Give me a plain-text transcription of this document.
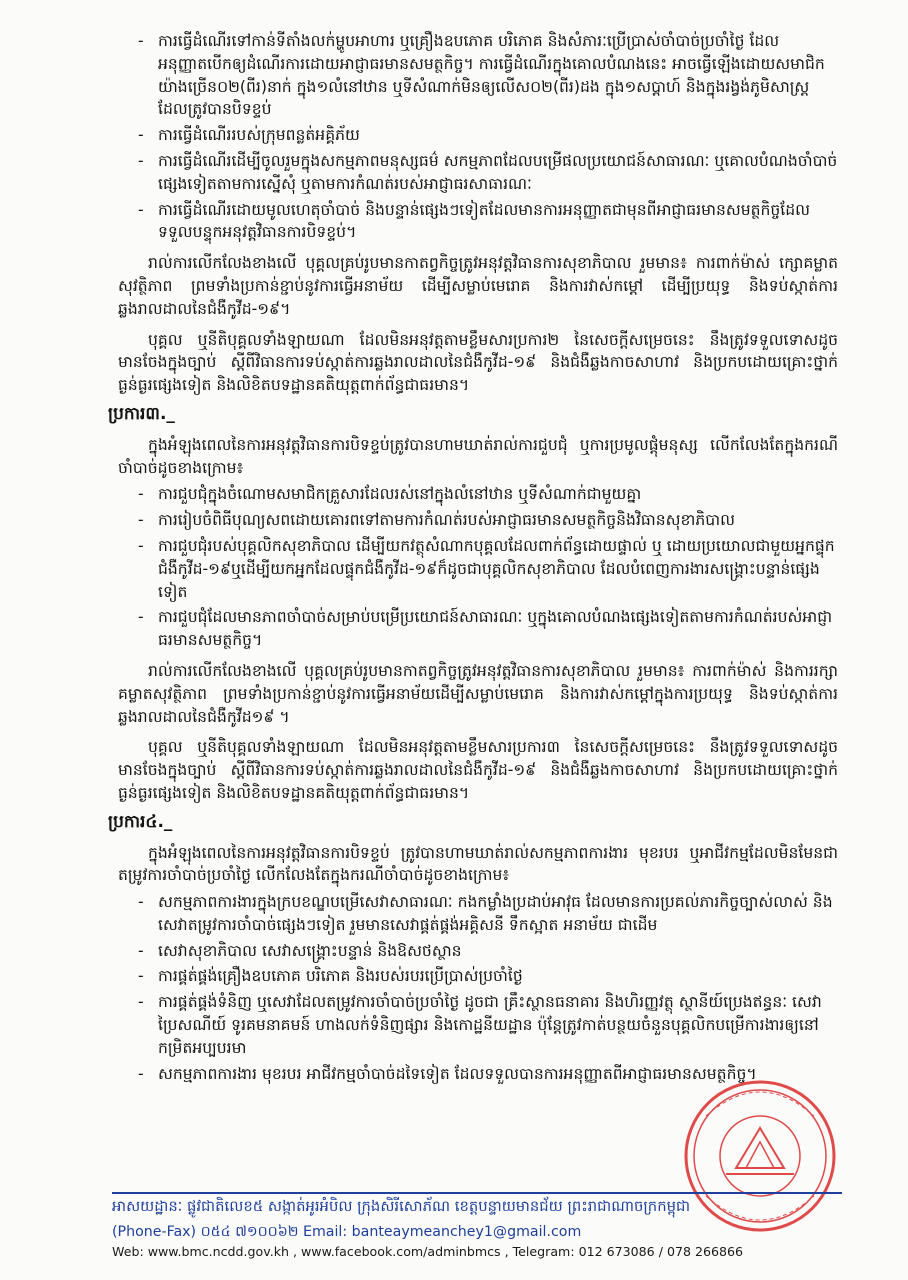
- ការធ្វើដំណើរទៅកាន់ទីតាំងលក់ម្ហូបអាហារ ឬគ្រឿងឧបភោគ បរិភោគ និងសំភារៈប្រើប្រាស់ចាំបាច់ប្រចាំថ្ងៃ ដែលអនុញ្ញាតបើកឲ្យដំណើរការដោយអាជ្ញាធរមានសមត្ថកិច្ច។ ការធ្វើដំណើរក្នុងគោលបំណងនេះ អាចធ្វើឡើងដោយសមាជិកយ៉ាងច្រើន០២(ពីរ)នាក់ ក្នុង១លំនៅឋាន ឬទីសំណាក់មិនឲ្យលើស០២(ពីរ)ដង ក្នុង១សប្តាហ៍ និងក្នុងរង្វង់ភូមិសាស្ត្រដែលត្រូវបានបិទខ្ទប់
- ការធ្វើដំណើររបស់ក្រុមពន្លត់អគ្គិភ័យ
- ការធ្វើដំណើរដើម្បីចូលរួមក្នុងសកម្មភាពមនុស្សធម៌ សកម្មភាពដែលបម្រើផលប្រយោជន៍សាធារណៈ ឬគោលបំណងចាំបាច់ផ្សេងទៀតតាមការស្នើសុំ ឬតាមការកំណត់របស់អាជ្ញាធរសាធារណៈ
- ការធ្វើដំណើរដោយមូលហេតុចាំបាច់ និងបន្ទាន់ផ្សេងៗទៀតដែលមានការអនុញ្ញាតជាមុនពីអាជ្ញាធរមានសមត្ថកិច្ចដែលទទួលបន្ទុកអនុវត្តវិធានការបិទខ្ទប់។

រាល់ការលើកលែងខាងលើ បុគ្គលគ្រប់រូបមានកាតព្វកិច្ចត្រូវអនុវត្តវិធានការសុខាភិបាល រួមមាន៖ ការពាក់ម៉ាស់ ក្សោគម្លាតសុវត្ថិភាព ព្រមទាំងប្រកាន់ខ្ជាប់នូវការធ្វើអនាម័យ ដើម្បីសម្លាប់មេរោគ និងការវាស់កម្តៅ ដើម្បីប្រយុទ្ធ និងទប់ស្កាត់ការឆ្លងរាលដាលនៃជំងឺកូវីដ-១៩។

បុគ្គល ឬនីតិបុគ្គលទាំងឡាយណា ដែលមិនអនុវត្តតាមខ្លឹមសារប្រការ២ នៃសេចក្តីសម្រេចនេះ នឹងត្រូវទទួលទោសដូចមានចែងក្នុងច្បាប់ ស្តីពីវិធានការទប់ស្កាត់ការឆ្លងរាលដាលនៃជំងឺកូវីដ-១៩ និងជំងឺឆ្លងកាចសាហាវ និងប្រកបដោយគ្រោះថ្នាក់ធ្ងន់ធ្ងរផ្សេងទៀត និងលិខិតបទដ្ឋានគតិយុត្តពាក់ព័ន្ធជាធរមាន។

ប្រការ៣._

ក្នុងអំឡុងពេលនៃការអនុវត្តវិធានការបិទខ្ទប់ត្រូវបានហាមឃាត់រាល់ការជួបជុំ ឬការប្រមូលផ្តុំមនុស្ស លើកលែងតែក្នុងករណីចាំបាច់ដូចខាងក្រោម៖

- ការជួបជុំក្នុងចំណោមសមាជិកគ្រួសារដែលរស់នៅក្នុងលំនៅឋាន ឬទីសំណាក់ជាមួយគ្នា
- ការរៀបចំពិធីបុណ្យសពដោយគោរពទៅតាមការកំណត់របស់អាជ្ញាធរមានសមត្ថកិច្ចនិងវិធានសុខាភិបាល
- ការជួបជុំរបស់បុគ្គលិកសុខាភិបាល ដើម្បីយកវត្ថុសំណាកបុគ្គលដែលពាក់ព័ន្ធដោយផ្ទាល់ ឬ ដោយប្រយោលជាមួយអ្នកផ្ទុកជំងឺកូវីដ-១៩ឬដើម្បីយកអ្នកដែលផ្ទុកជំងឺកូវីដ-១៩ក៏ដូចជាបុគ្គលិកសុខាភិបាល ដែលបំពេញការងារសង្គ្រោះបន្ទាន់ផ្សេងទៀត
- ការជួបជុំដែលមានភាពចាំបាច់សម្រាប់បម្រើប្រយោជន៍សាធារណៈ ឬក្នុងគោលបំណងផ្សេងទៀតតាមការកំណត់របស់អាជ្ញាធរមានសមត្ថកិច្ច។

រាល់ការលើកលែងខាងលើ បុគ្គលគ្រប់រូបមានកាតព្វកិច្ចត្រូវអនុវត្តវិធានការសុខាភិបាល រួមមាន៖ ការពាក់ម៉ាស់ និងការរក្សាគម្លាតសុវត្ថិភាព ព្រមទាំងប្រកាន់ខ្ជាប់នូវការធ្វើអនាម័យដើម្បីសម្លាប់មេរោគ និងការវាស់កម្តៅក្នុងការប្រយុទ្ធ និងទប់ស្កាត់ការឆ្លងរាលដាលនៃជំងឺកូវីដ១៩ ។

បុគ្គល ឬនីតិបុគ្គលទាំងឡាយណា ដែលមិនអនុវត្តតាមខ្លឹមសារប្រការ៣ នៃសេចក្តីសម្រេចនេះ នឹងត្រូវទទួលទោសដូចមានចែងក្នុងច្បាប់ ស្តីពីវិធានការទប់ស្កាត់ការឆ្លងរាលដាលនៃជំងឺកូវីដ-១៩ និងជំងឺឆ្លងកាចសាហាវ និងប្រកបដោយគ្រោះថ្នាក់ធ្ងន់ធ្ងរផ្សេងទៀត និងលិខិតបទដ្ឋានគតិយុត្តពាក់ព័ន្ធជាធរមាន។

ប្រការ៤._

ក្នុងអំឡុងពេលនៃការអនុវត្តវិធានការបិទខ្ទប់ ត្រូវបានហាមឃាត់រាល់សកម្មភាពការងារ មុខរបរ ឬអាជីវកម្មដែលមិនមែនជាតម្រូវការចាំបាច់ប្រចាំថ្ងៃ លើកលែងតែក្នុងករណីចាំបាច់ដូចខាងក្រោម៖

- សកម្មភាពការងារក្នុងក្របខណ្ឌបម្រើសេវាសាធារណៈ កងកម្លាំងប្រដាប់អាវុធ ដែលមានការប្រគល់ភារកិច្ចច្បាស់លាស់ និងសេវាតម្រូវការចាំបាច់ផ្សេងៗទៀត រួមមានសេវាផ្គត់ផ្គង់អគ្គិសនី ទឹកស្អាត អនាម័យ ជាដើម
- សេវាសុខាភិបាល សេវាសង្គ្រោះបន្ទាន់ និងឱសថស្ថាន
- ការផ្គត់ផ្គង់គ្រឿងឧបភោគ បរិភោគ និងរបស់របរប្រើប្រាស់ប្រចាំថ្ងៃ
- ការផ្គត់ផ្គង់ទំនិញ ឬសេវាដែលតម្រូវការចាំបាច់ប្រចាំថ្ងៃ ដូចជា គ្រឹះស្ថានធនាគារ និងហិរញ្ញវត្ថុ ស្ថានីយ៍ប្រេងឥន្ធនៈ សេវាប្រៃសណីយ៍ ទូរគមនាគមន៍ ហាងលក់ទំនិញផ្សារ និងកោដ្ឋនីយដ្ឋាន ប៉ុន្តែត្រូវកាត់បន្ថយចំនួនបុគ្គលិកបម្រើការងារឲ្យនៅកម្រិតអប្បបរមា
- សកម្មភាពការងារ មុខរបរ អាជីវកម្មចាំបាច់ដទៃទៀត ដែលទទួលបានការអនុញ្ញាតពីអាជ្ញាធរមានសមត្ថកិច្ច។
អាសយដ្ឋានៈ ផ្លូវជាតិលេខ៥ សង្កាត់អូរអំបិល ក្រុងសិរីសោភ័ណ ខេត្តបន្ទាយមានជ័យ ព្រះរាជាណាចក្រកម្ពុជា
(Phone-Fax) ០៥៤ ៧១០០៦២ Email: banteaymeanchey1@gmail.com
Web: www.bmc.ncdd.gov.kh , www.facebook.com/adminbmcs , Telegram: 012 673086 / 078 266866
